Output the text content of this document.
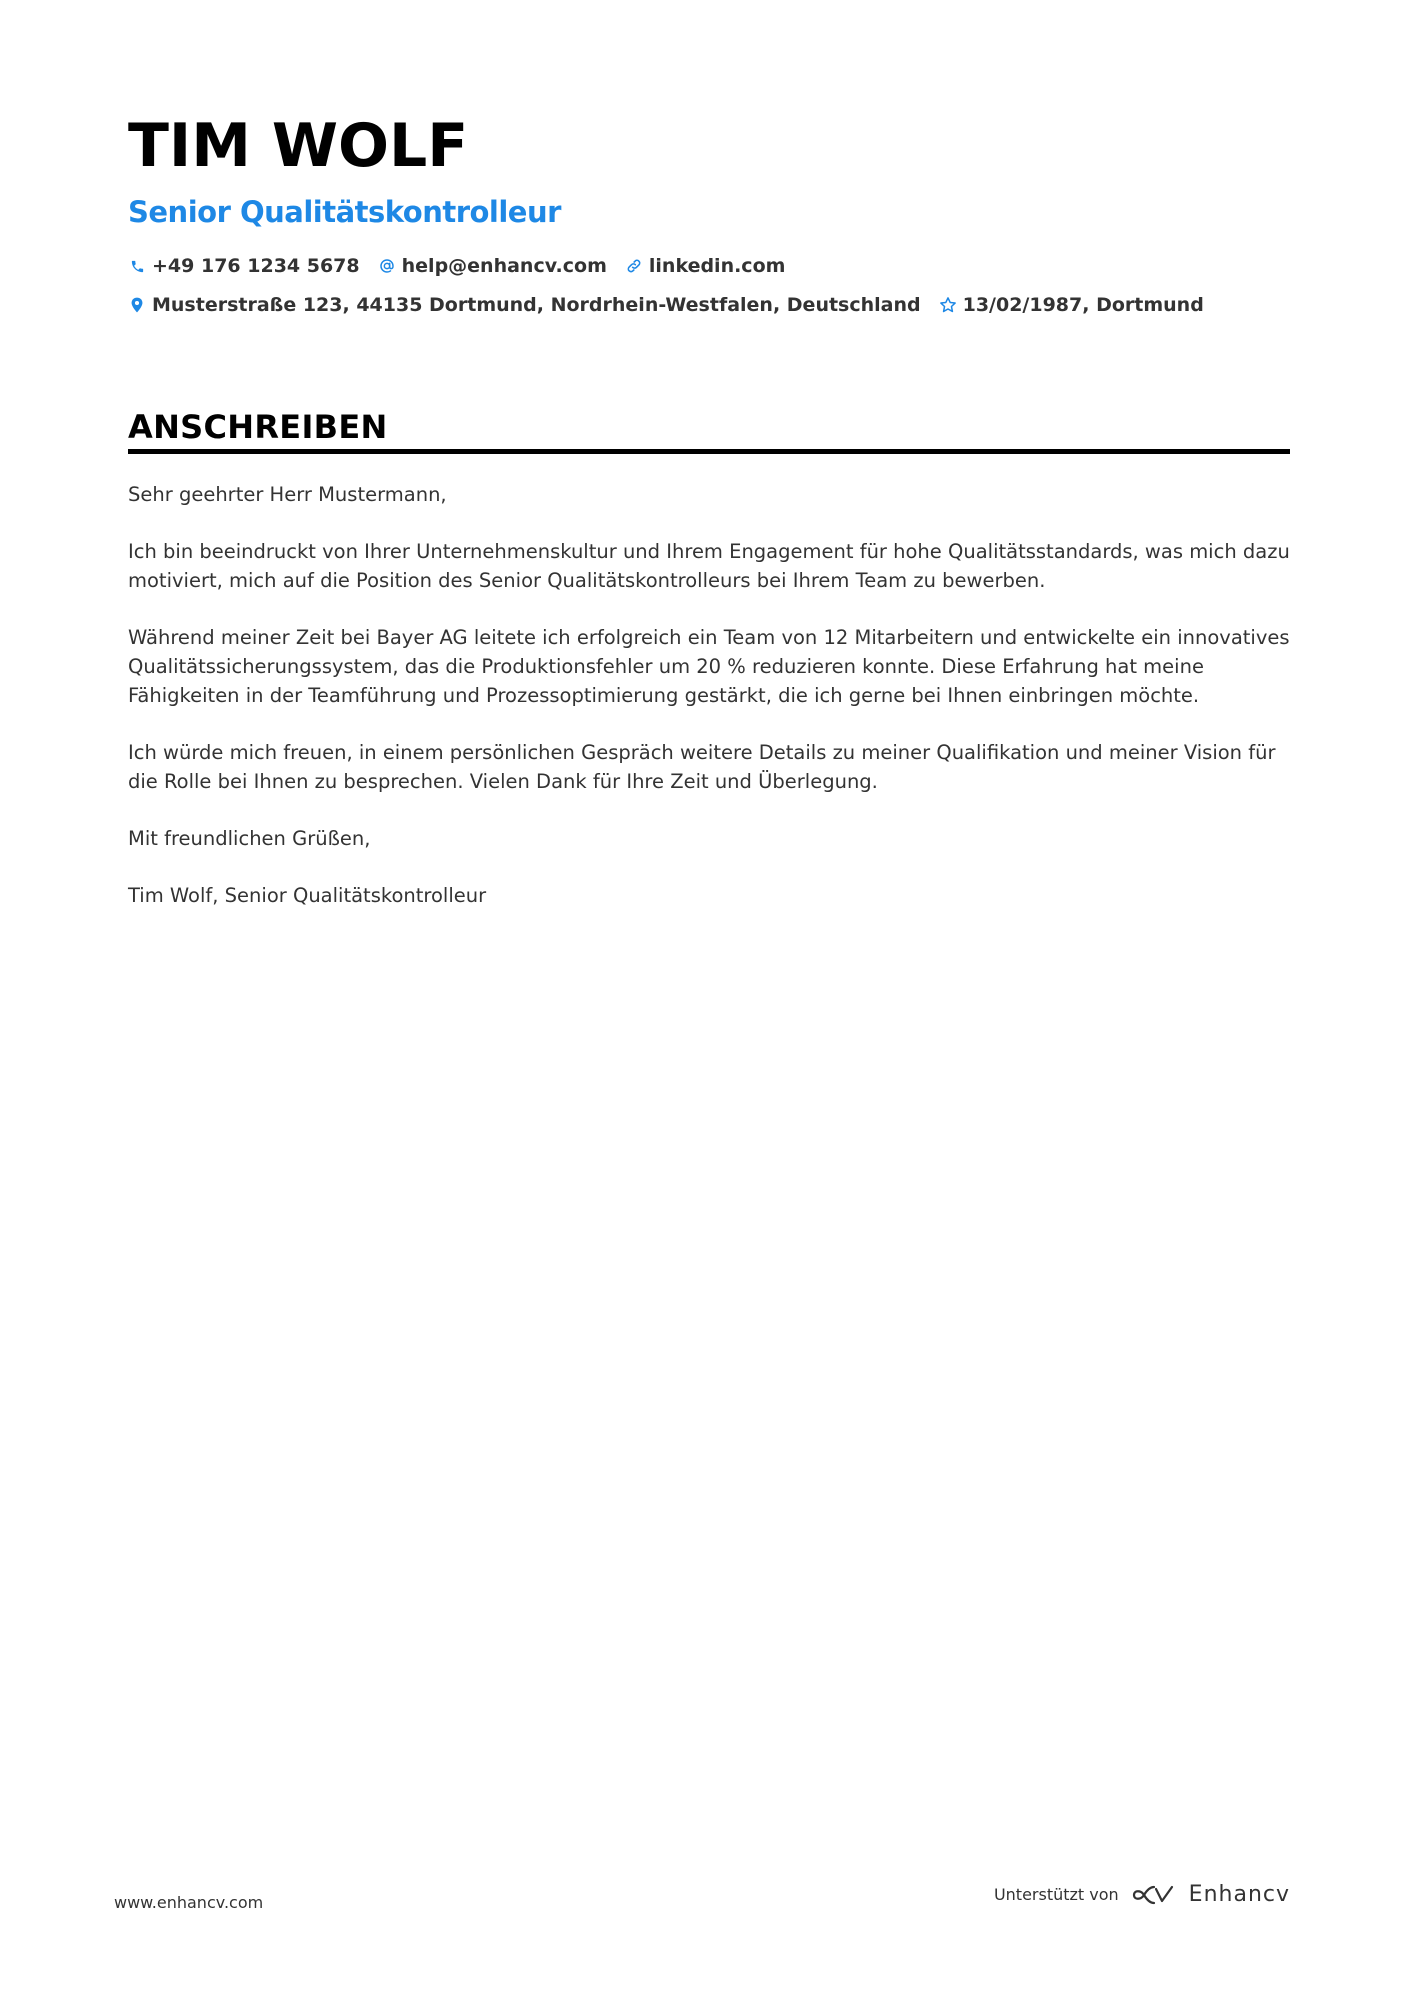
TIM WOLF
Senior Qualitätskontrolleur
+49 176 1234 5678 help@enhancv.com linkedin.com
Musterstraße 123, 44135 Dortmund, Nordrhein-Westfalen, Deutschland 13/02/1987, Dortmund
ANSCHREIBEN

Sehr geehrter Herr Mustermann,

Ich bin beeindruckt von Ihrer Unternehmenskultur und Ihrem Engagement für hohe Qualitätsstandards, was mich dazu motiviert, mich auf die Position des Senior Qualitätskontrolleurs bei Ihrem Team zu bewerben.

Während meiner Zeit bei Bayer AG leitete ich erfolgreich ein Team von 12 Mitarbeitern und entwickelte ein innovatives Qualitätssicherungssystem, das die Produktionsfehler um 20 % reduzieren konnte. Diese Erfahrung hat meine Fähigkeiten in der Teamführung und Prozessoptimierung gestärkt, die ich gerne bei Ihnen einbringen möchte.

Ich würde mich freuen, in einem persönlichen Gespräch weitere Details zu meiner Qualifikation und meiner Vision für die Rolle bei Ihnen zu besprechen. Vielen Dank für Ihre Zeit und Überlegung.

Mit freundlichen Grüßen,

Tim Wolf, Senior Qualitätskontrolleur

www.enhancv.com	Unterstützt von	Enhancv
